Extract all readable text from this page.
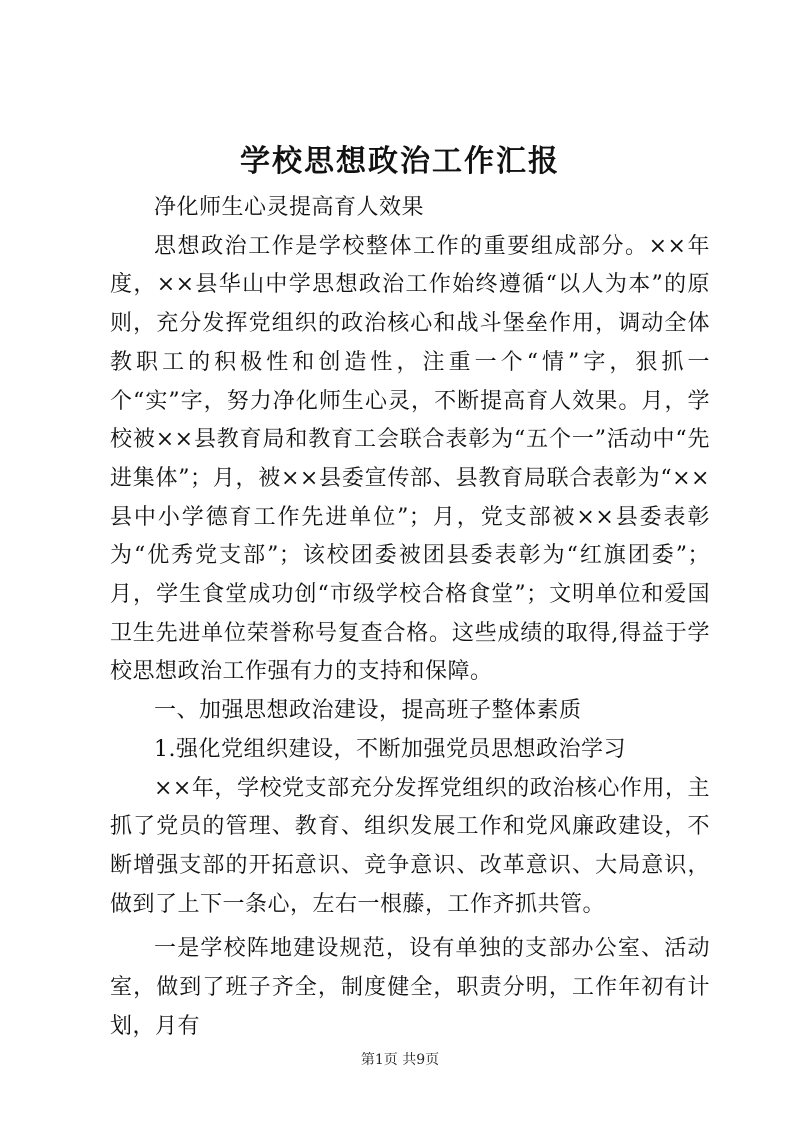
学校思想政治工作汇报

净化师生心灵提高育人效果

思想政治工作是学校整体工作的重要组成部分。××年度，××县华山中学思想政治工作始终遵循“以人为本”的原则，充分发挥党组织的政治核心和战斗堡垒作用，调动全体教职工的积极性和创造性，注重一个“情”字，狠抓一个“实”字，努力净化师生心灵，不断提高育人效果。月，学校被××县教育局和教育工会联合表彰为“五个一”活动中“先进集体”；月，被××县委宣传部、县教育局联合表彰为“××县中小学德育工作先进单位”；月，党支部被××县委表彰为“优秀党支部”；该校团委被团县委表彰为“红旗团委”；月，学生食堂成功创“市级学校合格食堂”；文明单位和爱国卫生先进单位荣誉称号复查合格。这些成绩的取得,得益于学校思想政治工作强有力的支持和保障。

一、加强思想政治建设，提高班子整体素质

1.强化党组织建设，不断加强党员思想政治学习

××年，学校党支部充分发挥党组织的政治核心作用，主抓了党员的管理、教育、组织发展工作和党风廉政建设，不断增强支部的开拓意识、竞争意识、改革意识、大局意识，做到了上下一条心，左右一根藤，工作齐抓共管。

一是学校阵地建设规范，设有单独的支部办公室、活动室，做到了班子齐全，制度健全，职责分明，工作年初有计划，月有

第1页 共9页
